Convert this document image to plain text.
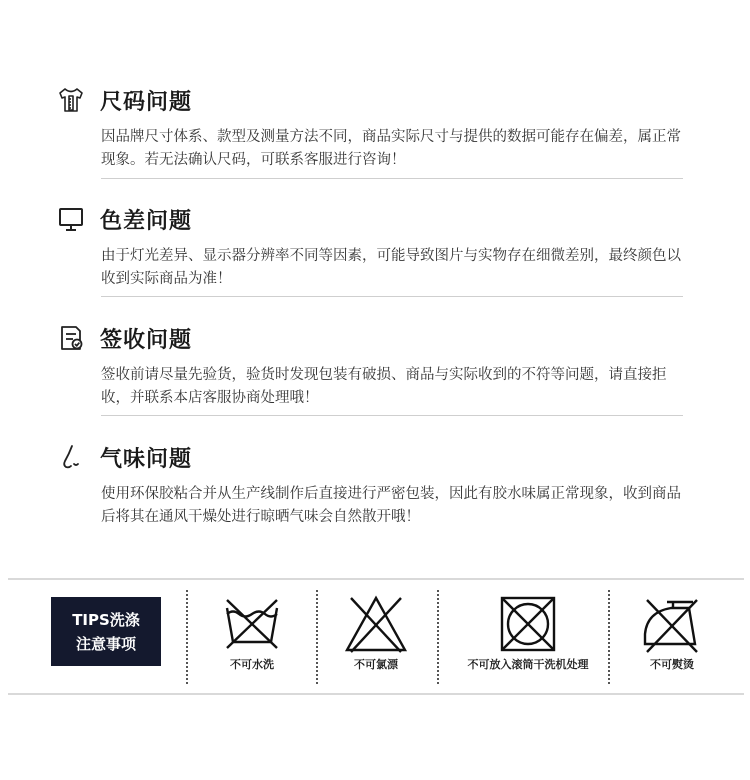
尺码问题
因品牌尺寸体系、款型及测量方法不同，商品实际尺寸与提供的数据可能存在偏差，属正常现象。若无法确认尺码，可联系客服进行咨询！
色差问题
由于灯光差异、显示器分辨率不同等因素，可能导致图片与实物存在细微差别，最终颜色以收到实际商品为准！
签收问题
签收前请尽量先验货，验货时发现包装有破损、商品与实际收到的不符等问题，请直接拒收，并联系本店客服协商处理哦！
气味问题
使用环保胶粘合并从生产线制作后直接进行严密包装，因此有胶水味属正常现象，收到商品后将其在通风干燥处进行晾晒气味会自然散开哦！
TIPS洗涤
注意事项
不可水洗	不可氯漂	不可放入滚筒干洗机处理	不可熨烫
